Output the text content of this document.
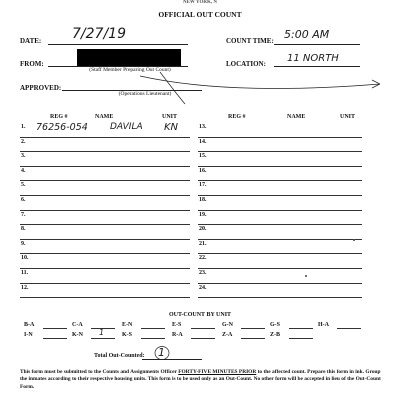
NEW YORK, N
OFFICIAL OUT COUNT
DATE: 7/27/19	COUNT TIME: 5:00 AM
FROM:
(Staff Member Preparing Out Count)
LOCATION: 11 NORTH
APPROVED:
(Operations Lieutenant)
REG #	NAME	UNIT	REG #	NAME	UNIT
1. 76256-054 DAVILA KN
2.
3.
4.
5.
6.
7.
8.
9.
10.
11.
12.
13.
14.
15.
16.
17.
18.
19.
20.
21.
22.
23.
24.
OUT-COUNT BY UNIT
B-A	C-A	E-N	E-S	G-N	G-S	H-A
I-N	K-N	K-S	R-A	Z-A	Z-B
1
Total Out-Counted: 1
This form must be submitted to the Counts and Assignments Officer FORTY-FIVE MINUTES PRIOR to the affected count. Prepare this form in ink. Group the inmates according to their respective housing units. This form is to be used only as an Out-Count. No other form will be accepted in lieu of the Out-Count Form.
